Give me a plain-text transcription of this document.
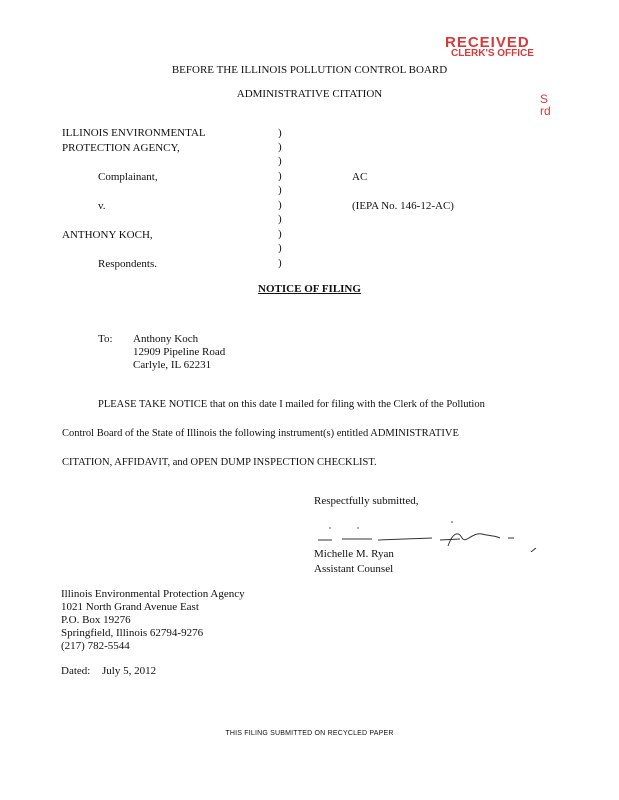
RECEIVED
CLERK'S OFFICE
S
rd
BEFORE THE ILLINOIS POLLUTION CONTROL BOARD
ADMINISTRATIVE CITATION
ILLINOIS ENVIRONMENTAL
PROTECTION AGENCY,
Complainant,
v.
ANTHONY KOCH,
Respondents.
)
)
)
)
)
)
)
)
)
)
AC
(IEPA No. 146-12-AC)
NOTICE OF FILING
To: Anthony Koch
12909 Pipeline Road
Carlyle, IL 62231
PLEASE TAKE NOTICE that on this date I mailed for filing with the Clerk of the Pollution
Control Board of the State of Illinois the following instrument(s) entitled ADMINISTRATIVE
CITATION, AFFIDAVIT, and OPEN DUMP INSPECTION CHECKLIST.
Respectfully submitted,
Michelle M. Ryan
Assistant Counsel
Illinois Environmental Protection Agency
1021 North Grand Avenue East
P.O. Box 19276
Springfield, Illinois 62794-9276
(217) 782-5544
Dated: July 5, 2012
THIS FILING SUBMITTED ON RECYCLED PAPER
